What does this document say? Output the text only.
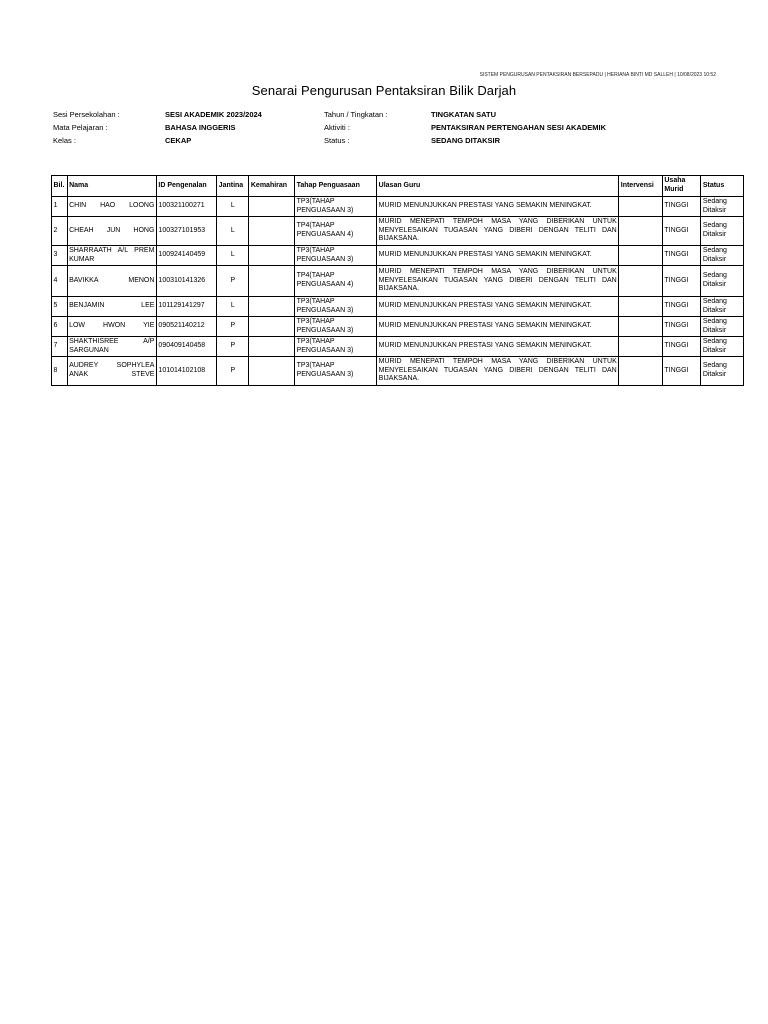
SISTEM PENGURUSAN PENTAKSIRAN BERSEPADU | HERIANA BINTI MD SALLEH | 10/08/2023 10:52
Senarai Pengurusan Pentaksiran Bilik Darjah
Sesi Persekolahan :	SESI AKADEMIK 2023/2024
Mata Pelajaran :	BAHASA INGGERIS
Kelas :	CEKAP
Tahun / Tingkatan :	TINGKATAN SATU
Aktiviti :	PENTAKSIRAN PERTENGAHAN SESI AKADEMIK
Status :	SEDANG DITAKSIR
Bil.	Nama	ID Pengenalan	Jantina	Kemahiran	Tahap Penguasaan	Ulasan Guru	Intervensi	Usaha Murid	Status
1	CHIN HAO LOONG	100321100271	L		TP3(TAHAP PENGUASAAN 3)	MURID MENUNJUKKAN PRESTASI YANG SEMAKIN MENINGKAT.		TINGGI	Sedang Ditaksir
2	CHEAH JUN HONG	100327101953	L		TP4(TAHAP PENGUASAAN 4)	MURID MENEPATI TEMPOH MASA YANG DIBERIKAN UNTUK MENYELESAIKAN TUGASAN YANG DIBERI DENGAN TELITI DAN BIJAKSANA.		TINGGI	Sedang Ditaksir
3	SHARRAATH A/L PREM KUMAR	100924140459	L		TP3(TAHAP PENGUASAAN 3)	MURID MENUNJUKKAN PRESTASI YANG SEMAKIN MENINGKAT.		TINGGI	Sedang Ditaksir
4	BAVIKKA MENON	100310141326	P		TP4(TAHAP PENGUASAAN 4)	MURID MENEPATI TEMPOH MASA YANG DIBERIKAN UNTUK MENYELESAIKAN TUGASAN YANG DIBERI DENGAN TELITI DAN BIJAKSANA.		TINGGI	Sedang Ditaksir
5	BENJAMIN LEE	101129141297	L		TP3(TAHAP PENGUASAAN 3)	MURID MENUNJUKKAN PRESTASI YANG SEMAKIN MENINGKAT.		TINGGI	Sedang Ditaksir
6	LOW HWON YIE	090521140212	P		TP3(TAHAP PENGUASAAN 3)	MURID MENUNJUKKAN PRESTASI YANG SEMAKIN MENINGKAT.		TINGGI	Sedang Ditaksir
7	SHAKTHISREE A/P SARGUNAN	090409140458	P		TP3(TAHAP PENGUASAAN 3)	MURID MENUNJUKKAN PRESTASI YANG SEMAKIN MENINGKAT.		TINGGI	Sedang Ditaksir
8	AUDREY SOPHYLEA ANAK STEVE	101014102108	P		TP3(TAHAP PENGUASAAN 3)	MURID MENEPATI TEMPOH MASA YANG DIBERIKAN UNTUK MENYELESAIKAN TUGASAN YANG DIBERI DENGAN TELITI DAN BIJAKSANA.		TINGGI	Sedang Ditaksir
